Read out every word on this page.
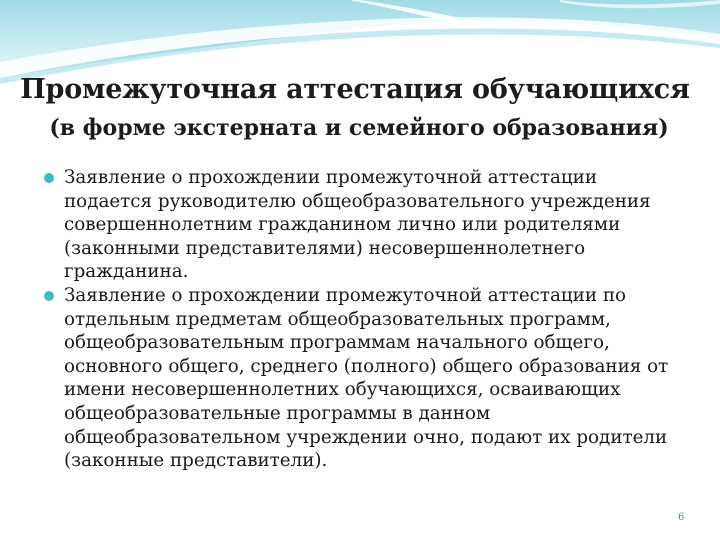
Промежуточная аттестация обучающихся
(в форме экстерната и семейного образования)
Заявление о прохождении промежуточной аттестации подается руководителю общеобразовательного учреждения совершеннолетним гражданином лично или родителями (законными представителями) несовершеннолетнего гражданина.
Заявление о прохождении промежуточной аттестации по отдельным предметам общеобразовательных программ, общеобразовательным программам начального общего, основного общего, среднего (полного) общего образования от имени несовершеннолетних обучающихся, осваивающих общеобразовательные программы в данном общеобразовательном учреждении очно, подают их родители (законные представители).
6
